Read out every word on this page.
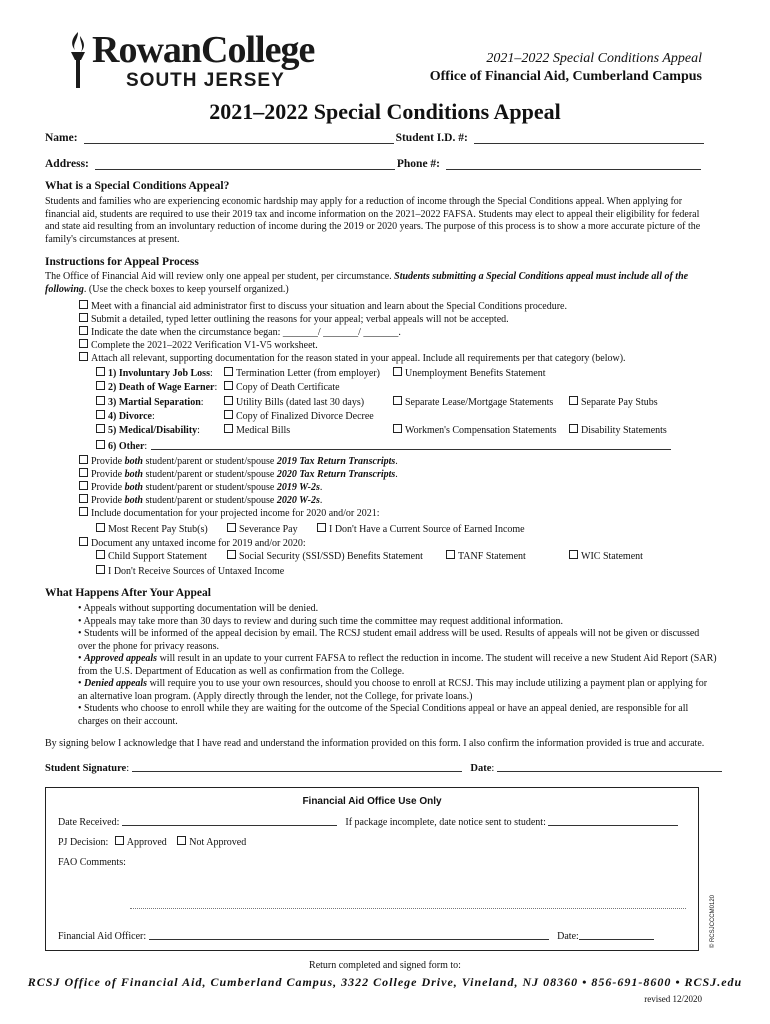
RowanCollege
SOUTH JERSEY
2021–2022 Special Conditions Appeal
Office of Financial Aid, Cumberland Campus
2021–2022 Special Conditions Appeal
Name:	Student I.D. #:
Address:	Phone #:
What is a Special Conditions Appeal?
Students and families who are experiencing economic hardship may apply for a reduction of income through the Special Conditions appeal. When applying for financial aid, students are required to use their 2019 tax and income information on the 2021–2022 FAFSA. Students may elect to appeal their eligibility for federal and state aid resulting from an involuntary reduction of income during the 2019 or 2020 years. The purpose of this process is to show a more accurate picture of the family's circumstances at present.
Instructions for Appeal Process
The Office of Financial Aid will review only one appeal per student, per circumstance. Students submitting a Special Conditions appeal must include all of the following. (Use the check boxes to keep yourself organized.)
Meet with a financial aid administrator first to discuss your situation and learn about the Special Conditions procedure.
Submit a detailed, typed letter outlining the reasons for your appeal; verbal appeals will not be accepted.
Indicate the date when the circumstance began: _______/ _______/ _______.
Complete the 2021–2022 Verification V1-V5 worksheet.
Attach all relevant, supporting documentation for the reason stated in your appeal. Include all requirements per that category (below).
1) Involuntary Job Loss:	Termination Letter (from employer)	Unemployment Benefits Statement
2) Death of Wage Earner:	Copy of Death Certificate
3) Martial Separation:	Utility Bills (dated last 30 days)	Separate Lease/Mortgage Statements	Separate Pay Stubs
4) Divorce:	Copy of Finalized Divorce Decree
5) Medical/Disability:	Medical Bills	Workmen's Compensation Statements	Disability Statements
6) Other:
Provide both student/parent or student/spouse 2019 Tax Return Transcripts.
Provide both student/parent or student/spouse 2020 Tax Return Transcripts.
Provide both student/parent or student/spouse 2019 W-2s.
Provide both student/parent or student/spouse 2020 W-2s.
Include documentation for your projected income for 2020 and/or 2021:
Most Recent Pay Stub(s)	Severance Pay	I Don't Have a Current Source of Earned Income
Document any untaxed income for 2019 and/or 2020:
Child Support Statement	Social Security (SSI/SSD) Benefits Statement	TANF Statement	WIC Statement
I Don't Receive Sources of Untaxed Income
What Happens After Your Appeal
• Appeals without supporting documentation will be denied.
• Appeals may take more than 30 days to review and during such time the committee may request additional information.
• Students will be informed of the appeal decision by email. The RCSJ student email address will be used. Results of appeals will not be given or discussed over the phone for privacy reasons.
• Approved appeals will result in an update to your current FAFSA to reflect the reduction in income. The student will receive a new Student Aid Report (SAR) from the U.S. Department of Education as well as confirmation from the College.
• Denied appeals will require you to use your own resources, should you choose to enroll at RCSJ. This may include utilizing a payment plan or applying for an alternative loan program. (Apply directly through the lender, not the College, for private loans.)
• Students who choose to enroll while they are waiting for the outcome of the Special Conditions appeal or have an appeal denied, are responsible for all charges on their account.
By signing below I acknowledge that I have read and understand the information provided on this form. I also confirm the information provided is true and accurate.
Student Signature:	Date:
Financial Aid Office Use Only
Date Received:	If package incomplete, date notice sent to student:
PJ Decision: Approved Not Approved
FAO Comments:
Financial Aid Officer:	Date:	© RCSJCCCM0120
Return completed and signed form to:
RCSJ Office of Financial Aid, Cumberland Campus, 3322 College Drive, Vineland, NJ 08360 • 856-691-8600 • RCSJ.edu
revised 12/2020
